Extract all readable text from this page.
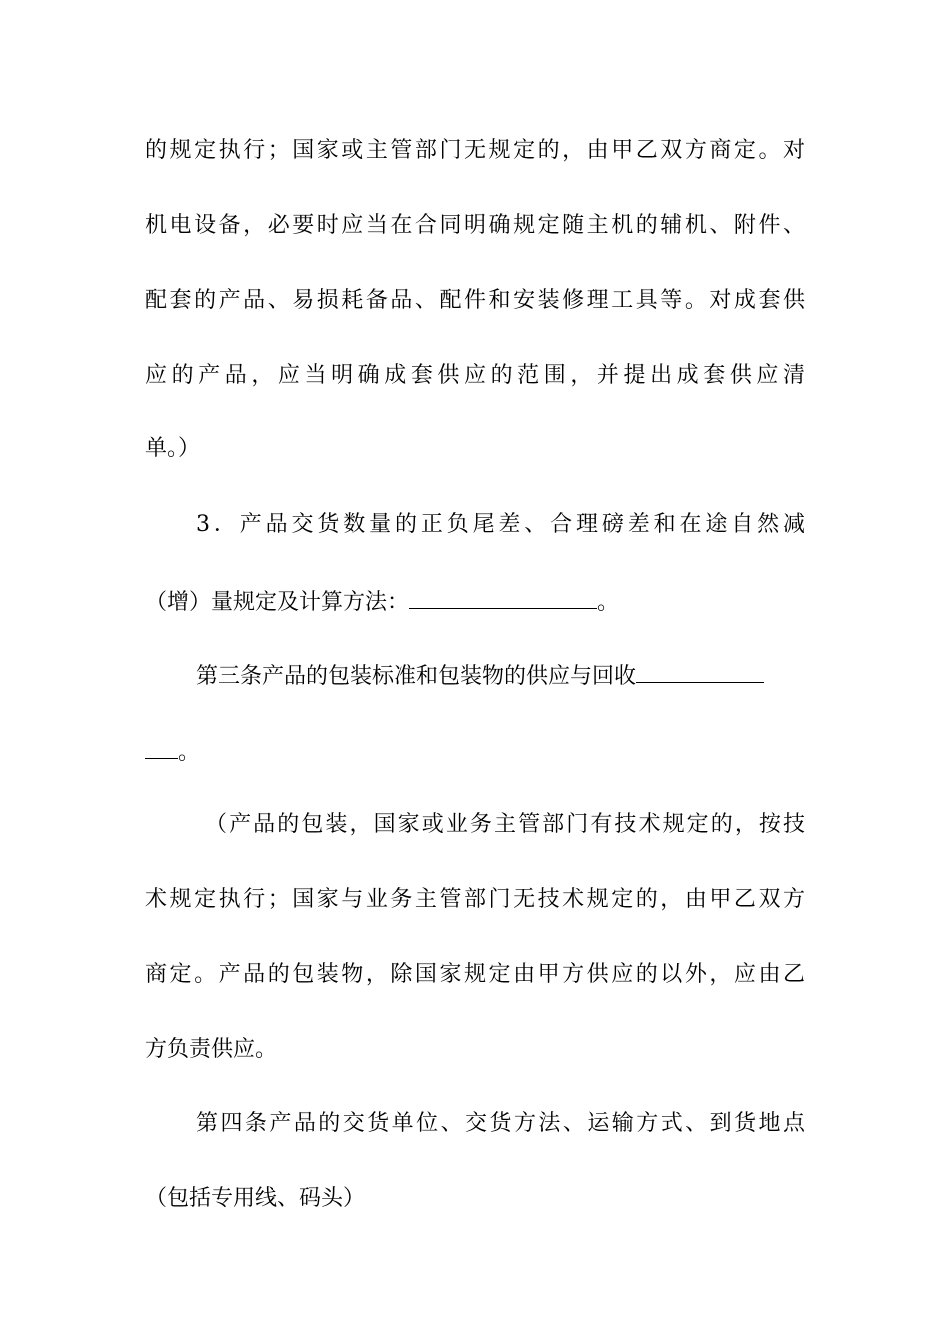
的规定执行；国家或主管部门无规定的，由甲乙双方商定。对
机电设备，必要时应当在合同明确规定随主机的辅机、附件、
配套的产品、易损耗备品、配件和安装修理工具等。对成套供
应的产品，应当明确成套供应的范围，并提出成套供应清
单。）
3．产品交货数量的正负尾差、合理磅差和在途自然减
（增）量规定及计算方法：	。
第三条产品的包装标准和包装物的供应与回收
。
（产品的包装，国家或业务主管部门有技术规定的，按技
术规定执行；国家与业务主管部门无技术规定的，由甲乙双方
商定。产品的包装物，除国家规定由甲方供应的以外，应由乙
方负责供应。
第四条产品的交货单位、交货方法、运输方式、到货地点
（包括专用线、码头）
